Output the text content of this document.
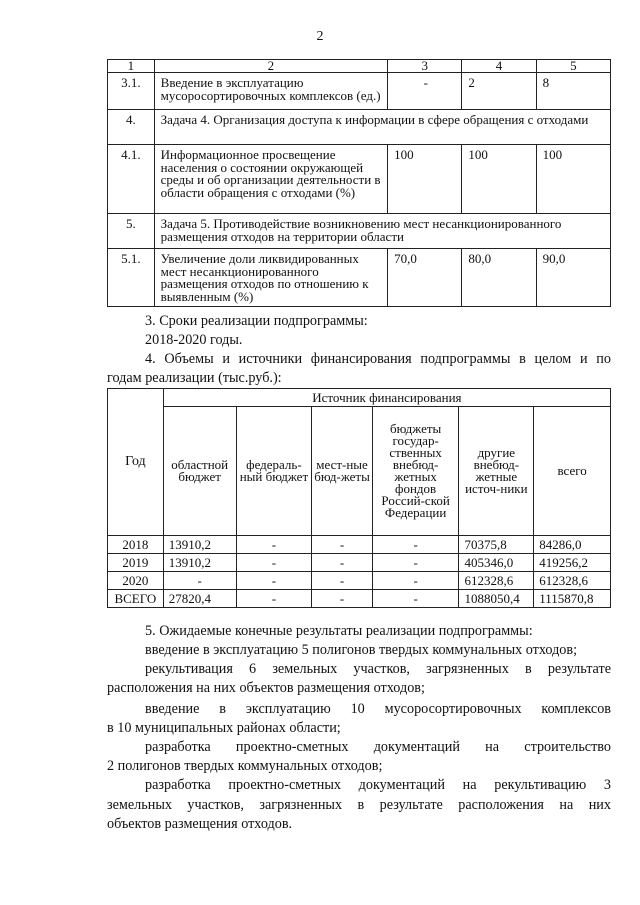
2
1	2	3	4	5
3.1.	Введение в эксплуатацию мусоросортировочных комплексов (ед.)	-	2	8
4.	Задача 4. Организация доступа к информации в сфере обращения с отходами			
4.1.	Информационное просвещение населения о состоянии окружающей среды и об организации деятельности в области обращения с отходами (%)	100	100	100
5.	Задача 5. Противодействие возникновению мест несанкционированного размещения отходов на территории области			
5.1.	Увеличение доли ликвидированных мест несанкционированного размещения отходов по отношению к выявленным (%)	70,0	80,0	90,0
3. Сроки реализации подпрограммы:
2018-2020 годы.
4. Объемы и источники финансирования подпрограммы в целом и по
годам реализации (тыс.руб.):
Год	Источник финансирования					
	областной бюджет	федераль-ный бюджет	мест-ные бюд-жеты	бюджеты государ-ственных внебюд-жетных фондов Россий-ской Федерации	другие внебюд-жетные источ-ники	всего
2018	13910,2	-	-	-	70375,8	84286,0
2019	13910,2	-	-	-	405346,0	419256,2
2020	-	-	-	-	612328,6	612328,6
ВСЕГО	27820,4	-	-	-	1088050,4	1115870,8
5. Ожидаемые конечные результаты реализации подпрограммы:
введение в эксплуатацию 5 полигонов твердых коммунальных отходов;
рекультивация 6 земельных участков, загрязненных в результате
расположения на них объектов размещения отходов;
введение в эксплуатацию 10 мусоросортировочных комплексов
в 10 муниципальных районах области;
разработка проектно-сметных документаций на строительство
2 полигонов твердых коммунальных отходов;
разработка проектно-сметных документаций на рекультивацию 3
земельных участков, загрязненных в результате расположения на них
объектов размещения отходов.
